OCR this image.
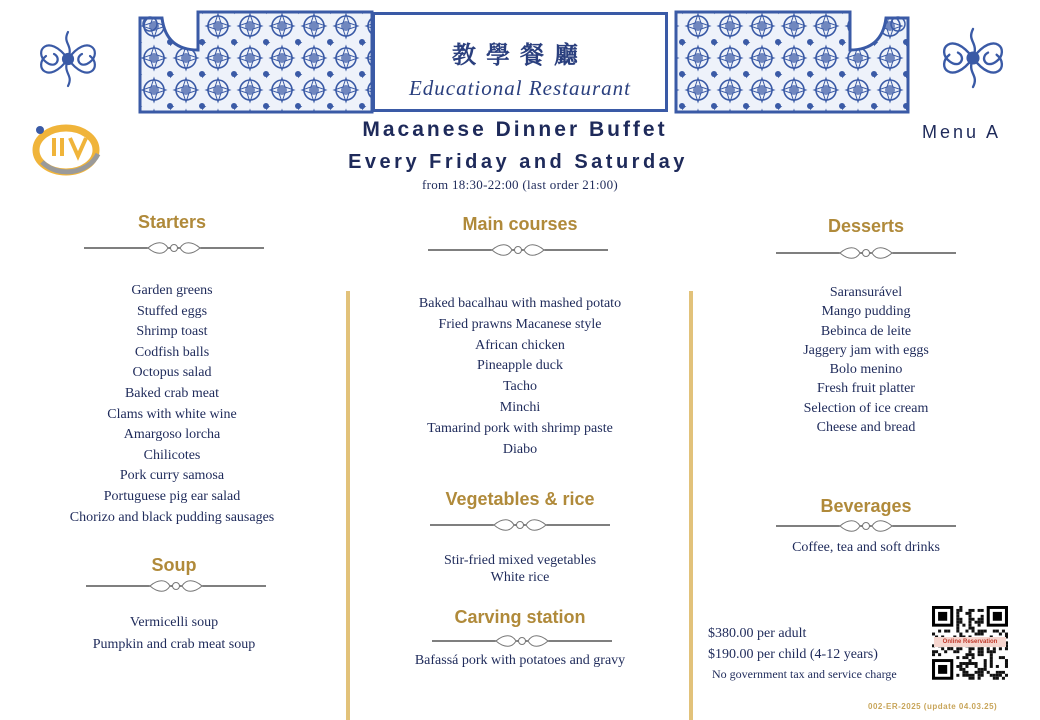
教學餐廳
Educational Restaurant
Macanese Dinner Buffet
Every Friday and Saturday
from 18:30-22:00 (last order 21:00)
Menu A
Starters
Garden greens
Stuffed eggs
Shrimp toast
Codfish balls
Octopus salad
Baked crab meat
Clams with white wine
Amargoso lorcha
Chilicotes
Pork curry samosa
Portuguese pig ear salad
Chorizo and black pudding sausages
Soup
Vermicelli soup
Pumpkin and crab meat soup
Main courses
Baked bacalhau with mashed potato
Fried prawns Macanese style
African chicken
Pineapple duck
Tacho
Minchi
Tamarind pork with shrimp paste
Diabo
Vegetables & rice
Stir-fried mixed vegetables
White rice
Carving station
Bafassá pork with potatoes and gravy
Desserts
Saransurável
Mango pudding
Bebinca de leite
Jaggery jam with eggs
Bolo menino
Fresh fruit platter
Selection of ice cream
Cheese and bread
Beverages
Coffee, tea and soft drinks
$380.00 per adult
$190.00 per child (4-12 years)
No government tax and service charge
Online Reservation
002-ER-2025 (update 04.03.25)
